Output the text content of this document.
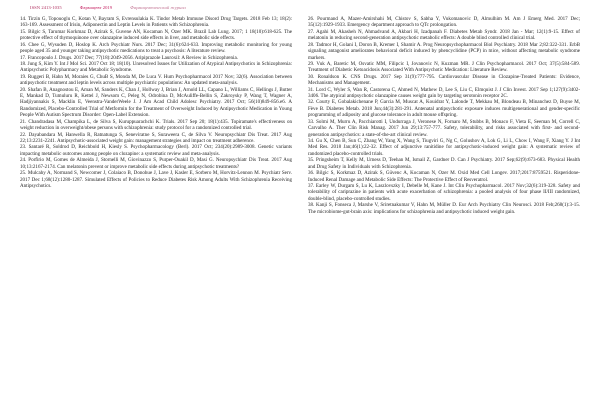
ISSN 2413-1035	Фармацевт 2019	Фармацевтический журнал

14. Tirzin G, Topouoglu C, Kotan V, Bayram S, Evrensulakia K. Tindor Metab Immune Disord Drug Targets. 2018 Feb 13; 18(2): 163-169. Assessment of Irisin, Adiponectin and Leptin Levels in Patients with Schizophrenia.

15. Bilgic S, Tarumar Korkmaz D, Azirak S, Guvene AN, Kocaman N, Ozer MK. Brazil Lab Lung. 2017; 1 18(10):618-625. The protective effect of thymoquinone over olanzapine induced side effects in liver, and metabolic side effects.

16. Chee G, Wysuden D, Hoslop K. Arch Psychiatr Nurs. 2017 Dec; 31(6):624-633. Improving metabolic monitoring for young people aged 35 and younger taking antipsychotic medications to treat a psychosis: A literature review.

17. Francopoulo J. Drugs. 2017 Dec; 77(18):2049-2056. Aripiprazole Lauroxil: A Review in Schizophrenia.

18. Jung S, Kim Y. Int J Mol Sci. 2017 Oct 18; 18(10). Unresolved Issues for Utilization of Atypical Antipsychotics in Schizophrenia: Antipsychotic Polypharmacy and Metabolic Syndrome.

19. Ruggeri B, Hahn M, Moraies G, ChuB S, Monda M, De Luca V. Hum Psychopharmacol 2017 Nov; 32(6). Association between antipsychotic treatment and leptin levels across multiple psychiatric populations: An updated meta-analysis.

20. Shafan B, Anagnostou E, Aman M, Sanders K, Chan J, Hollway J, Brian J, Arnold LL, Capano L, Williams C, Hellings J, Butter E, Mankad D, Tumuluru R, Kettel J, Newsom C, Peleg N, Odrobina D, McAuliffe-Bellin S, Zakroysky P, Wang T, Wagner A, Hadjiyannakis S, Macklin E, Veenstra-VanderWeele J. J Am Acad Child Adolesc Psychiatry. 2017 Oct; 56(10)849-856.e6. A Randomized, Placebo-Controlled Trial of Metformin for the Treatment of Overweight Induced by Antipsychotic Medication in Young People With Autism Spectrum Disorder: Open-Label Extension.

21. Chandradasa M, Champika L, de Silva S, Kuruppuarachchi K. Trials. 2017 Sep 20; 18(1):435. Topiramate's effectiveness on weight reduction in overweight/obese persons with schizophrenia: study protocol for a randomized controlled trial.

22. Dayabandara M, Hanwella R, Ratnatunga S, Seneviratne S, Suraweera C, de Silva V. Neuropsychiatr Dis Treat. 2017 Aug 22;13:2231-2241. Antipsychotic-associated weight gain: management strategies and impact on treatment adherence.

23. Santaré R, Soldrod D, Reichbold H, Kiesly S. Psychopharmacology (Berl). 2017 Oct; 234(20):2989-3008. Genetic variants impacting metabolic outcomes among people on clozapine: a systematic review and meta-analysis.

24. Porfirio M, Gomes de Almeida J, Stornelli M, Giovinazzo S, Purper-Ouakil D, Masi G. Neuropsychiatr Dis Treat. 2017 Aug 10;13:2167-2174. Can melatonin prevent or improve metabolic side effects during antipsychotic treatments?

25. Mulcahy A, Normand S, Newcomer J, Colaiaco B, Donohue J, Lave J, Kasler E, Sorbero M, Horvitz-Lennon M. Psychiatr Serv. 2017 Dec 1;68(12):1280-1287. Simulated Effects of Policies to Reduce Diabetes Risk Among Adults With Schizophrenia Receiving Antipsychotics.

26. Pourmand A, Mazer-Amirshahi M, Chistov S, Sabha Y, Vukomanovic D, Almulhim M. Am J Emerg Med. 2017 Dec; 35(12):1929-1933. Emergency department approach to QTc prolongation.

27. Agahi M, Akasheh N, Ahmadvand A, Akbari H, Izadpanah F. Diabetes Metab Syndr. 2018 Jan - Mar; 12(1):9-15. Effect of melatonin in reducing second-generation antipsychotic metabolic effects: A double blind controlled clinical trial.

28. Tadmor H, Golani I, Doron B, Kremer I, Shamir A. Prog Neuropsychopharmacol Biol Psychiatry. 2018 Mar 2;82:322-331. ErbB signaling antagonist ameliorates behavioral deficit induced by phencyclidine (PCP) in mice, without affecting metabolic syndrome markers.

29. Vuk A, Baretic M, Osvatic MM, Filipcic I, Jovanovic N, Kuzman MR. J Clin Psychopharmacol. 2017 Oct; 37(5):584-589. Treatment of Diabetic Ketoacidosis Associated With Antipsychotic Medication: Literature Review.

30. Ronaldson K. CNS Drugs. 2017 Sep 31(9):777-795. Cardiovascular Disease in Clozapine-Treated Patients: Evidence, Mechanisms and Management.

31. Lord C, Wyler S, Wan R, Castorena C, Ahmed N, Mathew D, Lee S, Liu C, Elmquist J. J Clin Invest. 2017 Sep 1;127(9):3402-3406. The atypical antipsychotic olanzapine causes weight gain by targeting serotonin receptor 2C.

32. Courty E, Gobalakichenane P, Garcia M, Muscat A, Kouidrat Y, Lalonde T, Mekkau M, Blondeau B, Minanchez D, Buyse M, Fève B. Diabetes Metab. 2018 Jun;44(3):281-291. Antenatal antipsychotic exposure induces multigenerational and gender-specific programming of adiposity and glucose tolerance in adult mouse offspring.

33. Solmi M, Murru A, Pacchiarotti I, Undurraga J, Veronese N, Fornaro M, Stubbs B, Monaco F, Vieta E, Seeman M, Correll C, Carvalho A. Ther Clin Risk Manag. 2017 Jun 29;13:757-777. Safety, tolerability, and risks associated with first- and second-generation antipsychotics: a state-of-the-art clinical review.

34. Gu X, Chen B, Sun C, Zhang W, Yang X, Wang S, Tiugviri G, Ng C, Golushov A, Lok G, Li L, Chow I, Wang F, Xiang Y. J Int Med Res. 2018 Jan;46(1):22-32. Effect of adjunctive ranitidine for antipsychotic-induced weight gain: A systematic review of randomized placebo-controlled trials.

35. Pringsheim T, Kelly M, Urness D, Teehan M, Ismail Z, Gardner D. Can J Psychiatry. 2017 Sep;62(9):673-683. Physical Health and Drug Safety in Individuals with Schizophrenia.

36. Bilgic S, Korkmaz D, Azirak S, Güvenc A, Kocaman N, Ozer M. Oxid Med Cell Longev. 2017;2017:8759521. Risperidone-Induced Renal Damage and Metabolic Side Effects: The Protective Effect of Resveratrol.

37. Earley W, Durgam S, Lu K, Laszlovszky I, Debelle M, Kane J. Int Clin Psychopharmacol. 2017 Nov;32(6):319-328. Safety and tolerability of cariprazine in patients with acute exacerbation of schizophrenia: a pooled analysis of four phase II/III randomized, double-blind, placebo-controlled studies.

38. Kanji S, Fonseca J, Marshe V, Sriretnakumar V, Hahn M, Müller D. Eur Arch Psychiatry Clin Neurosci. 2018 Feb;268(1):3-15. The microbiome-gut-brain axis: implications for schizophrenia and antipsychotic induced weight gain.
